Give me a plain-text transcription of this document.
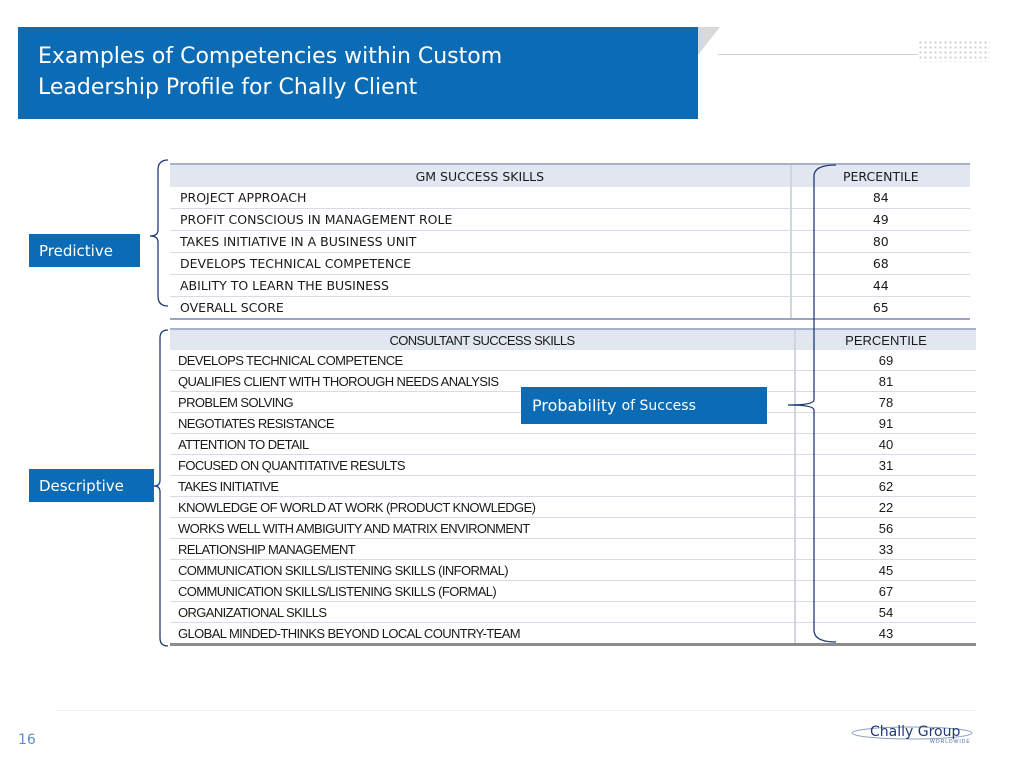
Examples of Competencies within Custom
Leadership Profile for Chally Client
GM SUCCESS SKILLS	PERCENTILE
PROJECT APPROACH	84
PROFIT CONSCIOUS IN MANAGEMENT ROLE	49
TAKES INITIATIVE IN A BUSINESS UNIT	80
DEVELOPS TECHNICAL COMPETENCE	68
ABILITY TO LEARN THE BUSINESS	44
OVERALL SCORE	65
CONSULTANT SUCCESS SKILLS	PERCENTILE
DEVELOPS TECHNICAL COMPETENCE	69
QUALIFIES CLIENT WITH THOROUGH NEEDS ANALYSIS	81
PROBLEM SOLVING	78
NEGOTIATES RESISTANCE	91
ATTENTION TO DETAIL	40
FOCUSED ON QUANTITATIVE RESULTS	31
TAKES INITIATIVE	62
KNOWLEDGE OF WORLD AT WORK (PRODUCT KNOWLEDGE)	22
WORKS WELL WITH AMBIGUITY AND MATRIX ENVIRONMENT	56
RELATIONSHIP MANAGEMENT	33
COMMUNICATION SKILLS/LISTENING SKILLS (INFORMAL)	45
COMMUNICATION SKILLS/LISTENING SKILLS (FORMAL)	67
ORGANIZATIONAL SKILLS	54
GLOBAL MINDED-THINKS BEYOND LOCAL COUNTRY-TEAM	43
Predictive
Descriptive
Probability of Success
16	Chally Group
WORLDWIDE
